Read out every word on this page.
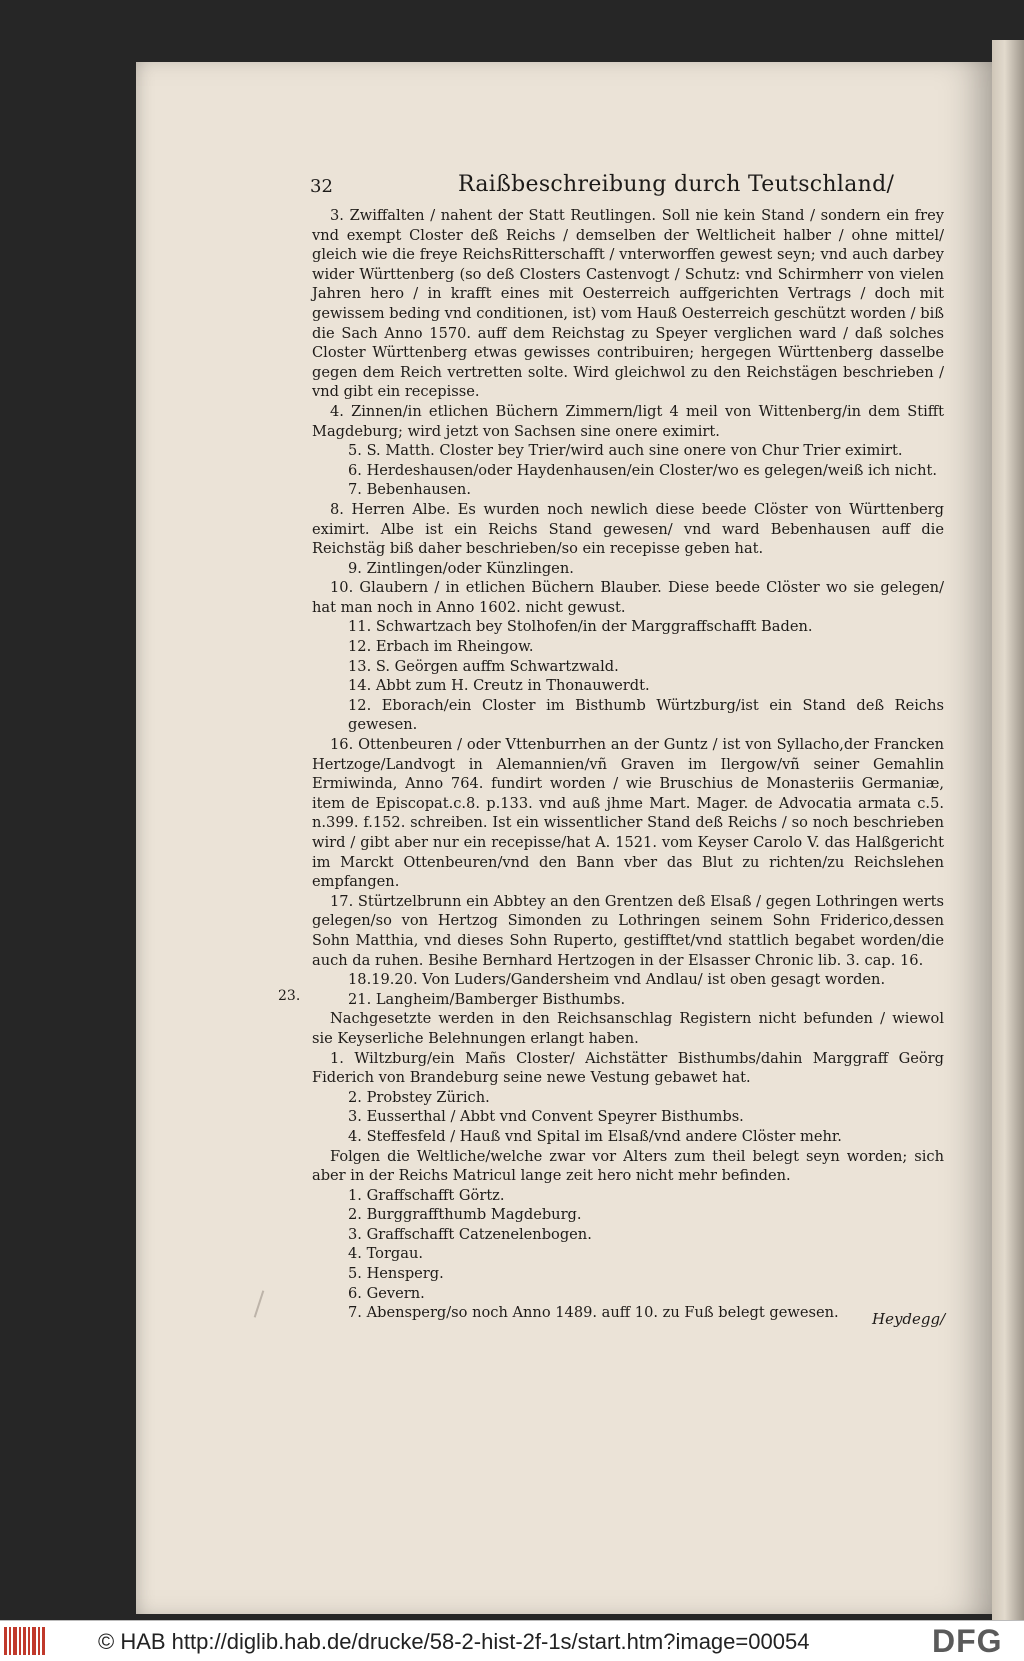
32	Raißbeschreibung durch Teutschland/
23.

3. Zwiffalten / nahent der Statt Reutlingen. Soll nie kein Stand / sondern ein frey vnd exempt Closter deß Reichs / demselben der Weltlicheit halber / ohne mittel/ gleich wie die freye ReichsRitterschafft / vnterworffen gewest seyn; vnd auch darbey wider Württenberg (so deß Closters Castenvogt / Schutz: vnd Schirmherr von vielen Jahren hero / in krafft eines mit Oesterreich auffgerichten Vertrags / doch mit gewissem beding vnd conditionen, ist) vom Hauß Oesterreich geschützt worden / biß die Sach Anno 1570. auff dem Reichstag zu Speyer verglichen ward / daß solches Closter Württenberg etwas gewisses contribuiren; hergegen Württenberg dasselbe gegen dem Reich vertretten solte. Wird gleichwol zu den Reichstägen beschrieben / vnd gibt ein recepisse.

4. Zinnen/in etlichen Büchern Zimmern/ligt 4 meil von Wittenberg/in dem Stifft Magdeburg; wird jetzt von Sachsen sine onere eximirt.

5. S. Matth. Closter bey Trier/wird auch sine onere von Chur Trier eximirt.

6. Herdeshausen/oder Haydenhausen/ein Closter/wo es gelegen/weiß ich nicht.

7. Bebenhausen.

8. Herren Albe. Es wurden noch newlich diese beede Clöster von Württenberg eximirt. Albe ist ein Reichs Stand gewesen/ vnd ward Bebenhausen auff die Reichstäg biß daher beschrieben/so ein recepisse geben hat.

9. Zintlingen/oder Künzlingen.

10. Glaubern / in etlichen Büchern Blauber. Diese beede Clöster wo sie gelegen/ hat man noch in Anno 1602. nicht gewust.

11. Schwartzach bey Stolhofen/in der Marggraffschafft Baden.

12. Erbach im Rheingow.

13. S. Geörgen auffm Schwartzwald.

14. Abbt zum H. Creutz in Thonauwerdt.

12. Eborach/ein Closter im Bisthumb Würtzburg/ist ein Stand deß Reichs gewesen.

16. Ottenbeuren / oder Vttenburrhen an der Guntz / ist von Syllacho,der Francken Hertzoge/Landvogt in Alemannien/vñ Graven im Ilergow/vñ seiner Gemahlin Ermiwinda, Anno 764. fundirt worden / wie Bruschius de Monasteriis Germaniæ, item de Episcopat.c.8. p.133. vnd auß jhme Mart. Mager. de Advocatia armata c.5. n.399. f.152. schreiben. Ist ein wissentlicher Stand deß Reichs / so noch beschrieben wird / gibt aber nur ein recepisse/hat A. 1521. vom Keyser Carolo V. das Halßgericht im Marckt Ottenbeuren/vnd den Bann vber das Blut zu richten/zu Reichslehen empfangen.

17. Stürtzelbrunn ein Abbtey an den Grentzen deß Elsaß / gegen Lothringen werts gelegen/so von Hertzog Simonden zu Lothringen seinem Sohn Friderico,dessen Sohn Matthia, vnd dieses Sohn Ruperto, gestifftet/vnd stattlich begabet worden/die auch da ruhen. Besihe Bernhard Hertzogen in der Elsasser Chronic lib. 3. cap. 16.

18.19.20. Von Luders/Gandersheim vnd Andlau/ ist oben gesagt worden.

21. Langheim/Bamberger Bisthumbs.

Nachgesetzte werden in den Reichsanschlag Registern nicht befunden / wiewol sie Keyserliche Belehnungen erlangt haben.

1. Wiltzburg/ein Mañs Closter/ Aichstätter Bisthumbs/dahin Marggraff Geörg Fiderich von Brandeburg seine newe Vestung gebawet hat.

2. Probstey Zürich.

3. Eusserthal / Abbt vnd Convent Speyrer Bisthumbs.

4. Steffesfeld / Hauß vnd Spital im Elsaß/vnd andere Clöster mehr.

Folgen die Weltliche/welche zwar vor Alters zum theil belegt seyn worden; sich aber in der Reichs Matricul lange zeit hero nicht mehr befinden.

1. Graffschafft Görtz.

2. Burggraffthumb Magdeburg.

3. Graffschafft Catzenelenbogen.

4. Torgau.

5. Hensperg.

6. Gevern.

7. Abensperg/so noch Anno 1489. auff 10. zu Fuß belegt gewesen.	Heydegg/
© HAB http://diglib.hab.de/drucke/58-2-hist-2f-1s/start.htm?image=00054	DFG
